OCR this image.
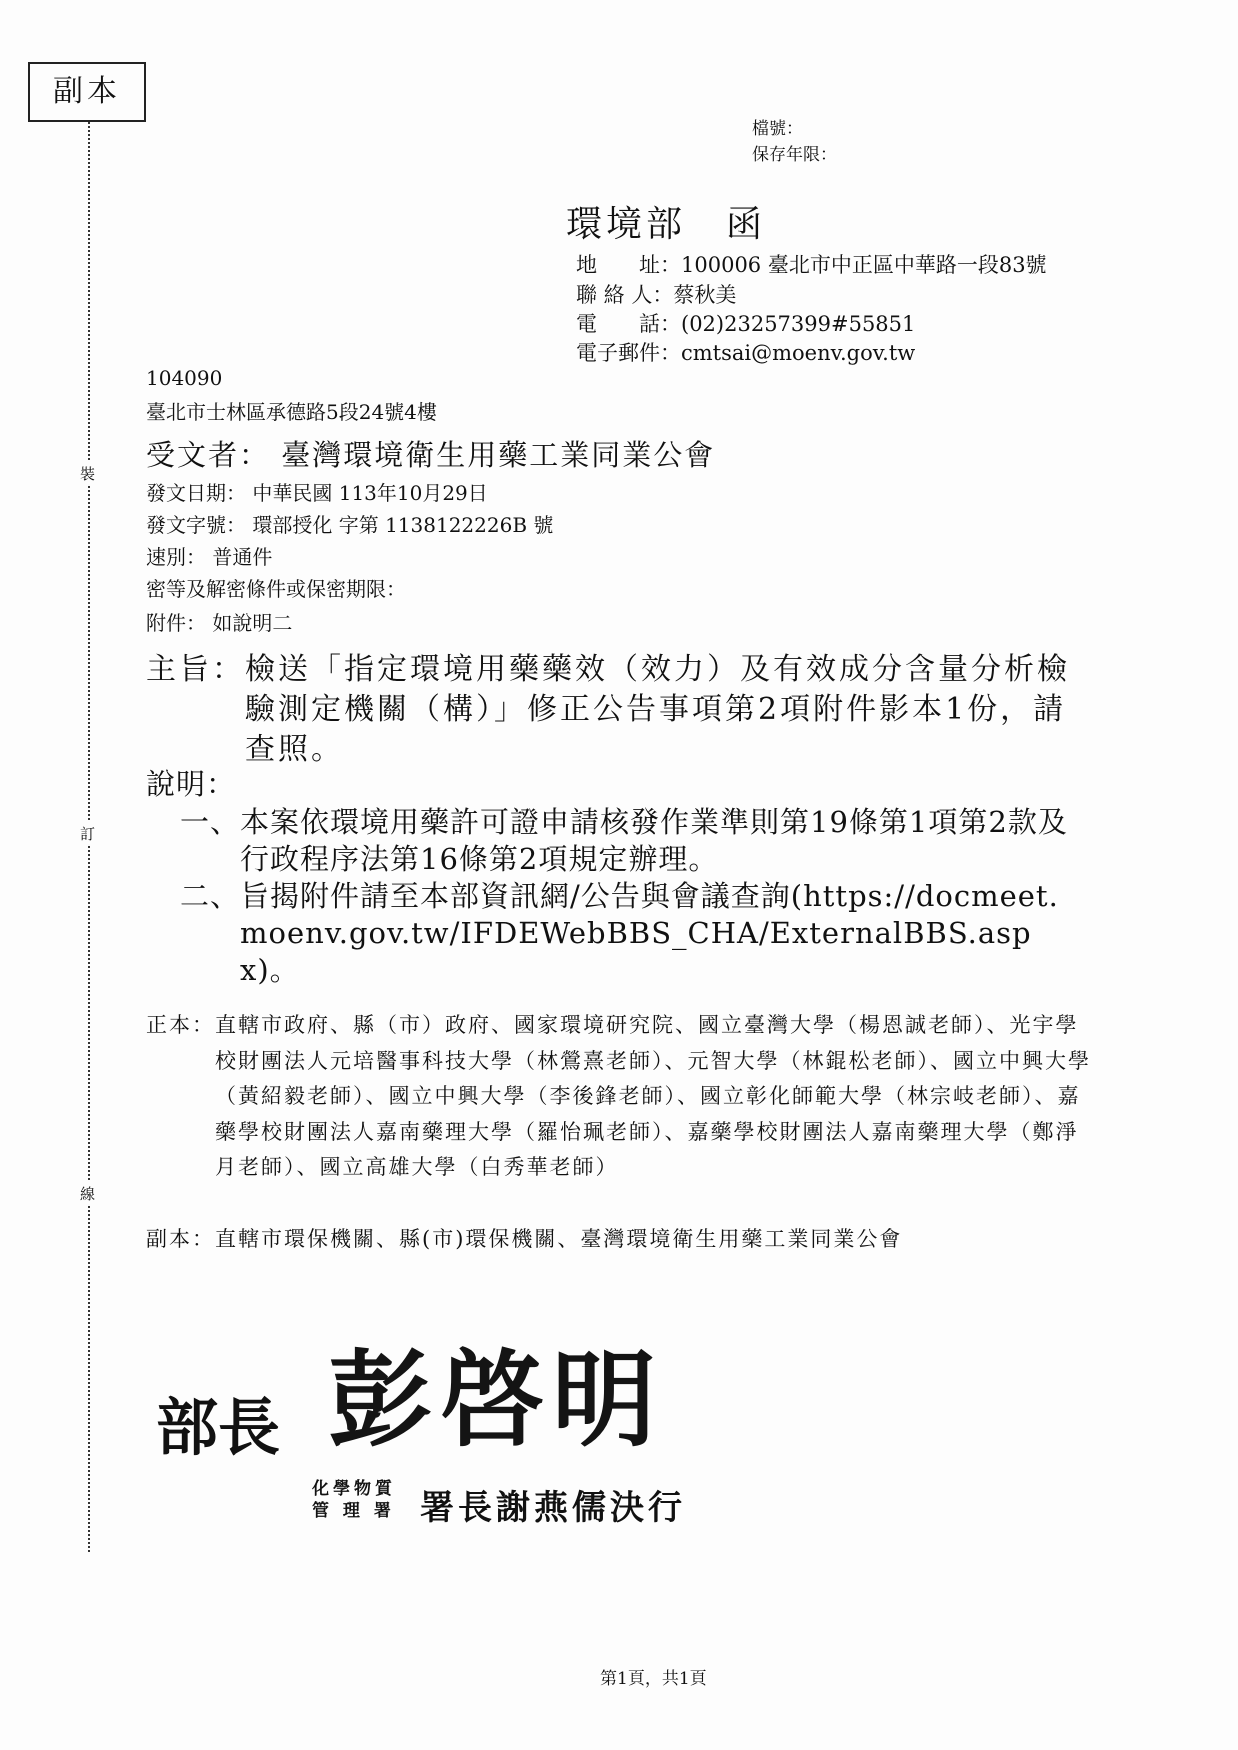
副本
裝
訂
線
檔號：
保存年限：
環境部　函
地　　址：100006 臺北市中正區中華路一段83號
聯 絡 人：蔡秋美
電　　話：(02)23257399#55851
電子郵件：cmtsai@moenv.gov.tw
104090
臺北市士林區承德路5段24號4樓
受文者： 臺灣環境衛生用藥工業同業公會
發文日期： 中華民國 113年10月29日
發文字號： 環部授化 字第 1138122226B 號
速別： 普通件
密等及解密條件或保密期限：
附件： 如說明二
主旨： 檢送「指定環境用藥藥效（效力）及有效成分含量分析檢驗測定機關（構）」修正公告事項第2項附件影本1份，請查照。
說明：
一、 本案依環境用藥許可證申請核發作業準則第19條第1項第2款及行政程序法第16條第2項規定辦理。
二、 旨揭附件請至本部資訊網/公告與會議查詢(https://docmeet.moenv.gov.tw/IFDEWebBBS_CHA/ExternalBBS.aspx)。
正本： 直轄市政府、縣（市）政府、國家環境研究院、國立臺灣大學（楊恩誠老師）、光宇學校財團法人元培醫事科技大學（林鶯熹老師）、元智大學（林錕松老師）、國立中興大學（黃紹毅老師）、國立中興大學（李後鋒老師）、國立彰化師範大學（林宗岐老師）、嘉藥學校財團法人嘉南藥理大學（羅怡珮老師）、嘉藥學校財團法人嘉南藥理大學（鄭淨月老師）、國立高雄大學（白秀華老師）
副本： 直轄市環保機關、縣(市)環保機關、臺灣環境衛生用藥工業同業公會
部長 彭啓明
化學物質
管 理 署 署長謝燕儒決行
第1頁，共1頁
